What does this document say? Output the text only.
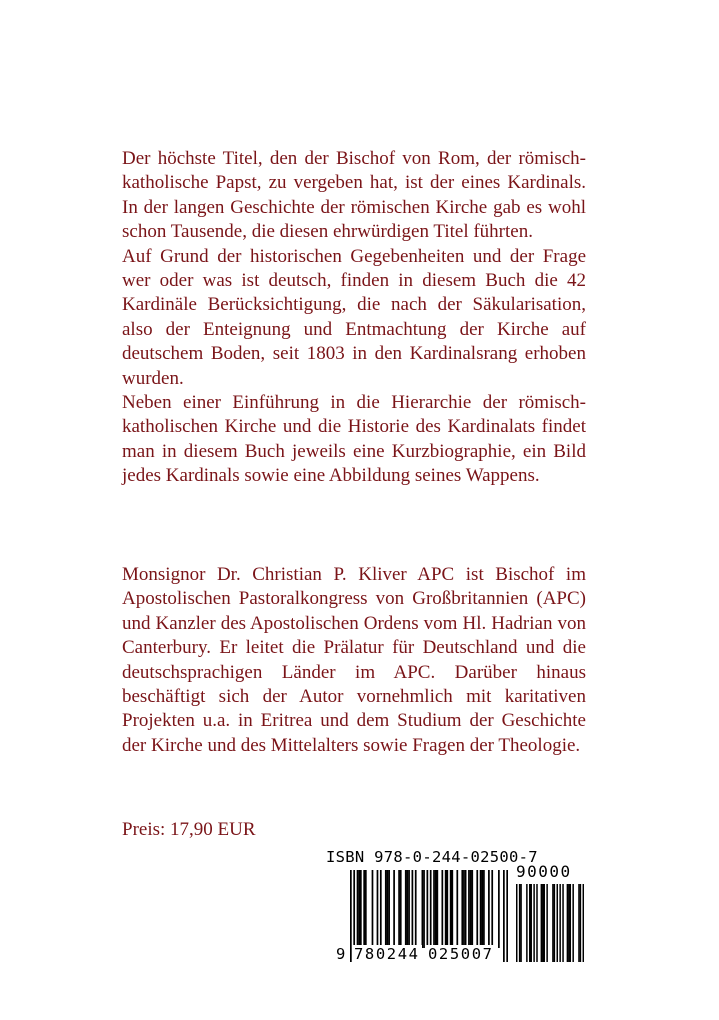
Der höchste Titel, den der Bischof von Rom, der römisch-katholische Papst, zu vergeben hat, ist der eines Kardinals. In der langen Geschichte der römischen Kirche gab es wohl schon Tausende, die diesen ehrwürdigen Titel führten.

Auf Grund der historischen Gegebenheiten und der Frage wer oder was ist deutsch, finden in diesem Buch die 42 Kardinäle Berücksichtigung, die nach der Säkularisation, also der Enteignung und Entmachtung der Kirche auf deutschem Boden, seit 1803 in den Kardinalsrang erhoben wurden.

Neben einer Einführung in die Hierarchie der römisch-katholischen Kirche und die Historie des Kardinalats findet man in diesem Buch jeweils eine Kurzbiographie, ein Bild jedes Kardinals sowie eine Abbildung seines Wappens.

Monsignor Dr. Christian P. Kliver APC ist Bischof im Apostolischen Pastoralkongress von Großbritannien (APC) und Kanzler des Apostolischen Ordens vom Hl. Hadrian von Canterbury. Er leitet die Prälatur für Deutschland und die deutschsprachigen Länder im APC. Darüber hinaus beschäftigt sich der Autor vornehmlich mit karitativen Projekten u.a. in Eritrea und dem Studium der Geschichte der Kirche und des Mittelalters sowie Fragen der Theologie.

Preis: 17,90 EUR
ISBN 978-0-244-02500-7
90000
9 780244 025007
